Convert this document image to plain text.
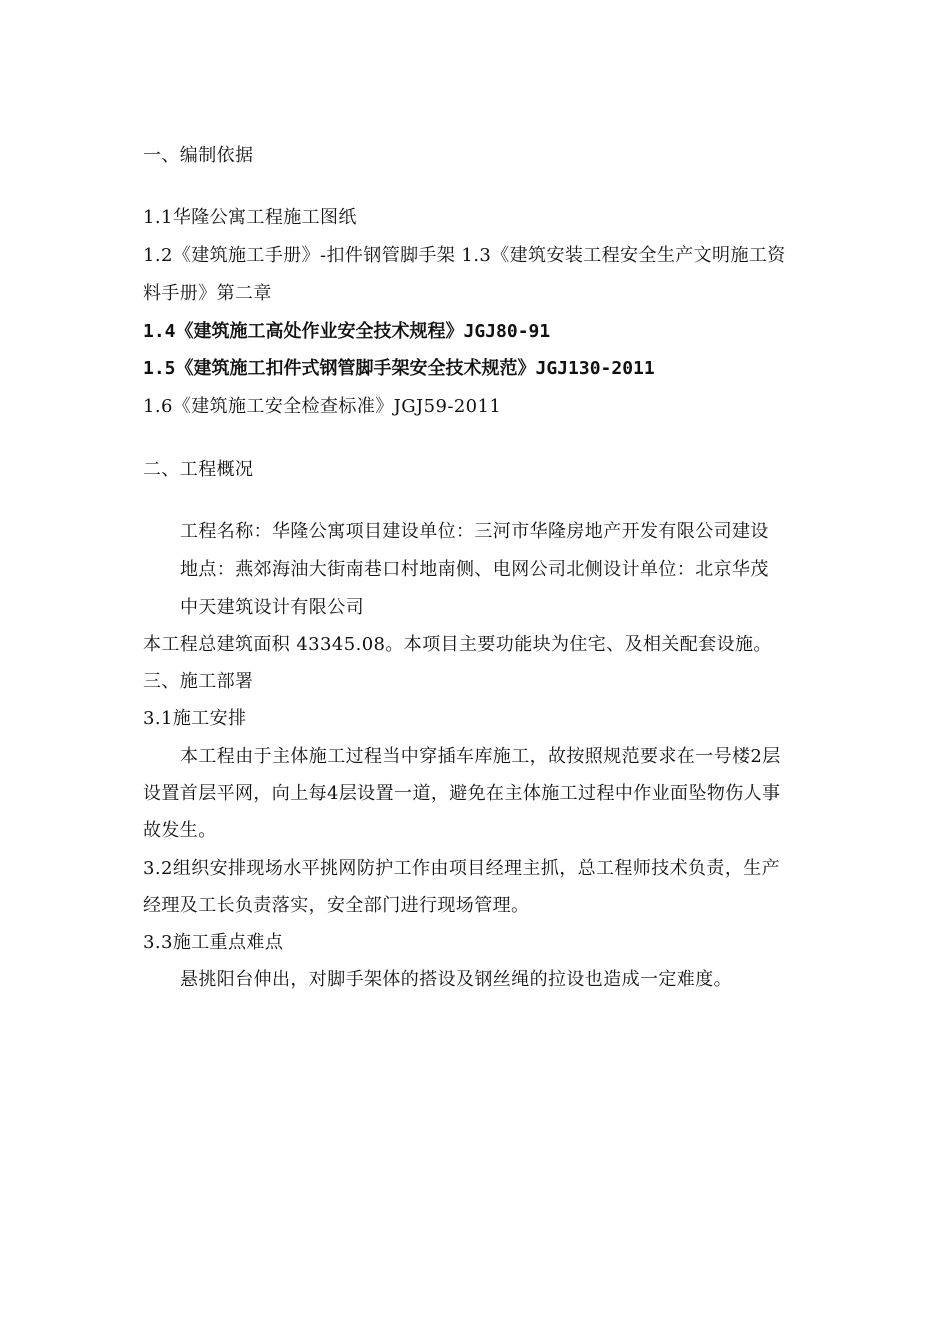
一、编制依据
1.1华隆公寓工程施工图纸
1.2《建筑施工手册》-扣件钢管脚手架 1.3《建筑安装工程安全生产文明施工资
料手册》第二章
1.4《建筑施工高处作业安全技术规程》JGJ80-91
1.5《建筑施工扣件式钢管脚手架安全技术规范》JGJ130-2011
1.6《建筑施工安全检查标准》JGJ59-2011
二、工程概况
工程名称：华隆公寓项目建设单位：三河市华隆房地产开发有限公司建设
地点：燕郊海油大街南巷口村地南侧、电网公司北侧设计单位：北京华茂
中天建筑设计有限公司
本工程总建筑面积 43345.08。本项目主要功能块为住宅、及相关配套设施。
三、施工部署
3.1施工安排
本工程由于主体施工过程当中穿插车库施工，故按照规范要求在一号楼2层
设置首层平网，向上每4层设置一道，避免在主体施工过程中作业面坠物伤人事
故发生。
3.2组织安排现场水平挑网防护工作由项目经理主抓，总工程师技术负责，生产
经理及工长负责落实，安全部门进行现场管理。
3.3施工重点难点
悬挑阳台伸出，对脚手架体的搭设及钢丝绳的拉设也造成一定难度。
